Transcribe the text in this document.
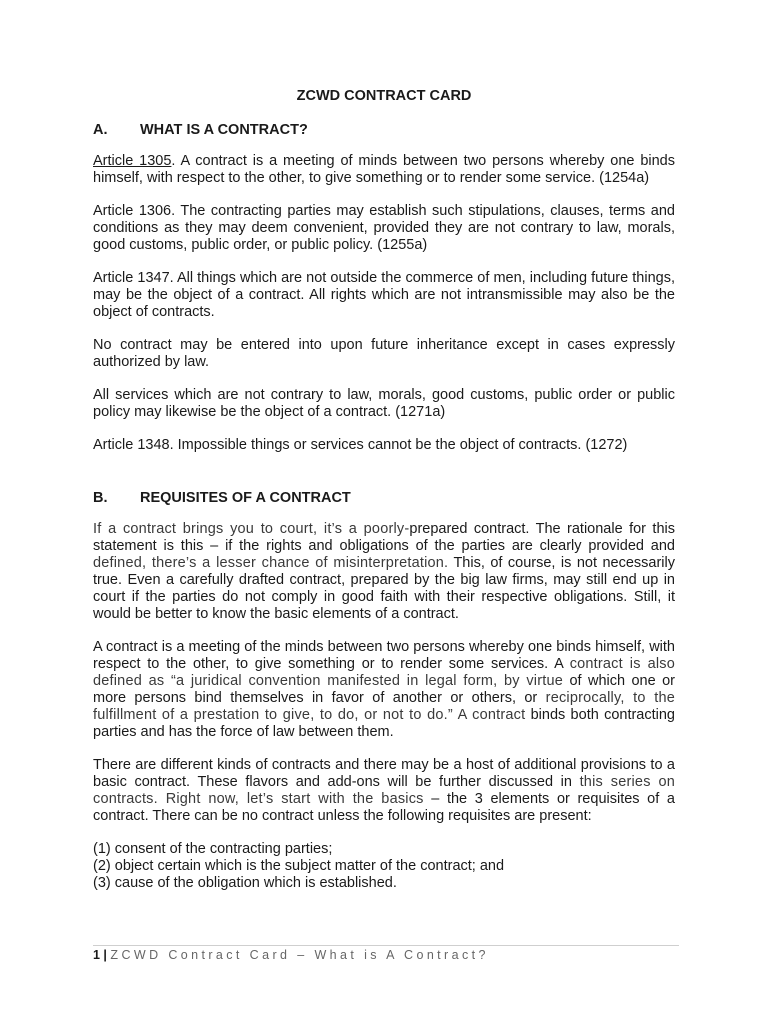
ZCWD CONTRACT CARD
A.	WHAT IS A CONTRACT?

Article 1305. A contract is a meeting of minds between two persons whereby one binds himself, with respect to the other, to give something or to render some service. (1254a)

Article 1306. The contracting parties may establish such stipulations, clauses, terms and conditions as they may deem convenient, provided they are not contrary to law, morals, good customs, public order, or public policy. (1255a)

Article 1347. All things which are not outside the commerce of men, including future things, may be the object of a contract. All rights which are not intransmissible may also be the object of contracts.

No contract may be entered into upon future inheritance except in cases expressly authorized by law.

All services which are not contrary to law, morals, good customs, public order or public policy may likewise be the object of a contract. (1271a)

Article 1348. Impossible things or services cannot be the object of contracts. (1272)

B.	REQUISITES OF A CONTRACT

If a contract brings you to court, it’s a poorly-prepared contract. The rationale for this statement is this – if the rights and obligations of the parties are clearly provided and defined, there’s a lesser chance of misinterpretation. This, of course, is not necessarily true. Even a carefully drafted contract, prepared by the big law firms, may still end up in court if the parties do not comply in good faith with their respective obligations. Still, it would be better to know the basic elements of a contract.

A contract is a meeting of the minds between two persons whereby one binds himself, with respect to the other, to give something or to render some services. A contract is also defined as “a juridical convention manifested in legal form, by virtue of which one or more persons bind themselves in favor of another or others, or reciprocally, to the fulfillment of a prestation to give, to do, or not to do.” A contract binds both contracting parties and has the force of law between them.

There are different kinds of contracts and there may be a host of additional provisions to a basic contract. These flavors and add-ons will be further discussed in this series on contracts. Right now, let’s start with the basics – the 3 elements or requisites of a contract. There can be no contract unless the following requisites are present:

(1) consent of the contracting parties;
(2) object certain which is the subject matter of the contract; and
(3) cause of the obligation which is established.
1 | ZCWD Contract Card – What is A Contract?
